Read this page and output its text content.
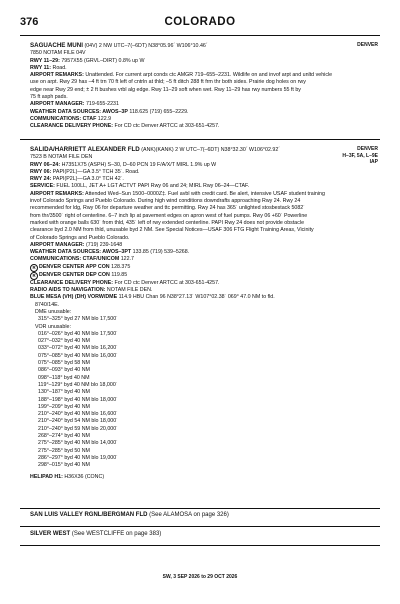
376	COLORADO
DENVER
SAGUACHE MUNI (04V) 2 NW UTC–7(–6DT) N38°05.96´ W106°10.46´
7850 NOTAM FILE 04V
RWY 11–29: 7957X55 (GRVL–DIRT) 0.8% up W
RWY 11: Road.
AIRPORT REMARKS: Unattended. For current arpt conds ctc AMGR 719–655–2231. Wildlife on and invof arpt and unltd vehicle
use on arpt. Rwy 29 has –4 ft trn 70 ft left of cntrln at thld; –5 ft ditch 288 ft frm thr both sides. Prairie dog holes on rwy
edge near Rwy 29 end; ± 2 ft bushes vrbl alg edge. Rwy 11–29 soft when wet. Rwy 11–29 has rwy numbers 55 ft by
75 ft asph pads.
AIRPORT MANAGER: 719-655-2231
WEATHER DATA SOURCES: AWOS–3P 118.625 (719) 655–2229.
COMMUNICATIONS: CTAF 122.9
CLEARANCE DELIVERY PHONE: For CD ctc Denver ARTCC at 303-651-4257.
DENVER
H–3F, 5A, L–9E
IAP
SALIDA/HARRIETT ALEXANDER FLD (ANK)(KANK) 2 W UTC–7(–6DT) N38°32.30´ W106°02.92´
7523 B NOTAM FILE DEN
RWY 06–24: H7351X75 (ASPH) S–30, D–60 PCN 19 F/A/X/T MIRL 1.9% up W
RWY 06: PAPI(P2L)—GA 3.5° TCH 35´. Road.
RWY 24: PAPI(P2L)—GA 3.0° TCH 42´.
SERVICE: FUEL 100LL, JET A+ LGT ACTVT PAPI Rwy 06 and 24; MIRL Rwy 06–24—CTAF.
AIRPORT REMARKS: Attended Wed–Sun 1500–0000Z‡. Fuel avbl with credit card. Be alert, intensive USAF student training
invof Colorado Springs and Pueblo Colorado. During high wind conditions downdrafts approaching Rwy 24. Rwy 24
recommended for ldg, Rwy 06 for departure weather and ttc permitting. Rwy 24 has 365´ unlighted stosbestack 5082´
from thr/3500´ right of centerline. 6–7 inch lip at pavement edges on apron west of fuel pumps. Rwy 06 +60´ Powerline
marked with orange balls 630´ from thld, 435´ left of rwy extended centerline. PAPI Rwy 24 does not provide obstacle
clearance byd 2.0 NM from thld, unusable byd 2 NM. See Special Notices—USAF 306 FTG Flight Training Areas, Vicinity
of Colorado Springs and Pueblo Colorado.
AIRPORT MANAGER: (719) 239-1648
WEATHER DATA SOURCES: AWOS–3PT 133.85 (719) 539–5268.
COMMUNICATIONS: CTAF/UNICOM 122.7
R DENVER CENTER APP CON 128.375
R DENVER CENTER DEP CON 119.85
CLEARANCE DELIVERY PHONE: For CD ctc Denver ARTCC at 303-651-4257.
RADIO AIDS TO NAVIGATION: NOTAM FILE DEN.
BLUE MESA (VH) (DH) VORW/DME 114.9 HBU Chan 96 N38°27.13´ W107°02.38´ 069° 47.0 NM to fld.
8740/14E.
DME unusable:
315°–325° byd 27 NM blo 17,500´
VOR unusable:
016°–026° byd 40 NM blo 17,500´
027°–032° byd 40 NM
033°–072° byd 40 NM blo 16,200´
075°–085° byd 40 NM blo 16,000´
075°–085° byd 58 NM
086°–093° byd 40 NM
098°–118° byd 40 NM
119°–129° byd 40 NM blo 18,000´
130°–187° byd 40 NM
188°–198° byd 40 NM blo 18,000´
199°–209° byd 40 NM
210°–240° byd 40 NM blo 16,600´
210°–240° byd 54 NM blo 18,000´
210°–240° byd 59 NM blo 20,000´
268°–274° byd 40 NM
275°–285° byd 40 NM blo 14,000´
275°–285° byd 50 NM
286°–297° byd 40 NM blo 19,000´
298°–015° byd 40 NM
HELIPAD H1: H36X36 (CONC)
SAN LUIS VALLEY RGNL/BERGMAN FLD (See ALAMOSA on page 326)
SILVER WEST (See WESTCLIFFE on page 383)
SW, 3 SEP 2026 to 29 OCT 2026
